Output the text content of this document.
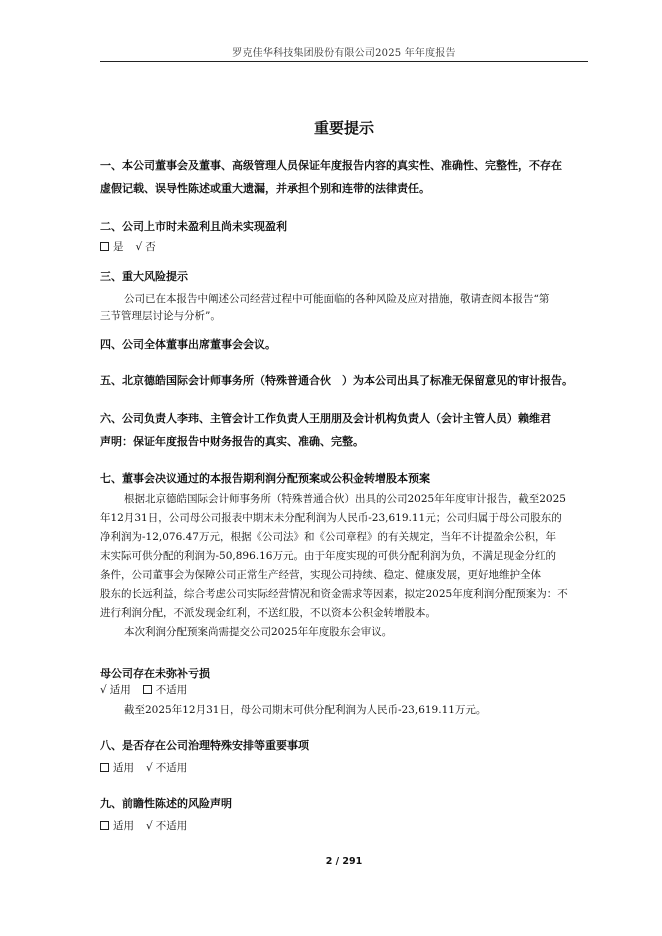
罗克佳华科技集团股份有限公司2025 年年度报告
重要提示
一、本公司董事会及董事、高级管理人员保证年度报告内容的真实性、准确性、完整性，不存在
虚假记载、误导性陈述或重大遗漏，并承担个别和连带的法律责任。
二、公司上市时未盈利且尚未实现盈利
是 √ 否
三、重大风险提示
公司已在本报告中阐述公司经营过程中可能面临的各种风险及应对措施，敬请查阅本报告“第
三节管理层讨论与分析”。
四、公司全体董事出席董事会会议。
五、北京德皓国际会计师事务所（特殊普通合伙　）为本公司出具了标准无保留意见的审计报告。
六、公司负责人李玮、主管会计工作负责人王朋朋及会计机构负责人（会计主管人员）赖维君
声明：保证年度报告中财务报告的真实、准确、完整。
七、董事会决议通过的本报告期利润分配预案或公积金转增股本预案
根据北京德皓国际会计师事务所（特殊普通合伙）出具的公司2025年年度审计报告，截至2025
年12月31日，公司母公司报表中期末未分配利润为人民币-23,619.11元；公司归属于母公司股东的
净利润为-12,076.47万元，根据《公司法》和《公司章程》的有关规定，当年不计提盈余公积，年
末实际可供分配的利润为-50,896.16万元。由于年度实现的可供分配利润为负，不满足现金分红的
条件，公司董事会为保障公司正常生产经营，实现公司持续、稳定、健康发展，更好地维护全体
股东的长远利益，综合考虑公司实际经营情况和资金需求等因素，拟定2025年度利润分配预案为：不
进行利润分配，不派发现金红利，不送红股，不以资本公积金转增股本。
本次利润分配预案尚需提交公司2025年年度股东会审议。
母公司存在未弥补亏损
√ 适用 不适用
截至2025年12月31日，母公司期末可供分配利润为人民币-23,619.11万元。
八、是否存在公司治理特殊安排等重要事项
适用 √ 不适用
九、前瞻性陈述的风险声明
适用 √ 不适用
2 / 291
